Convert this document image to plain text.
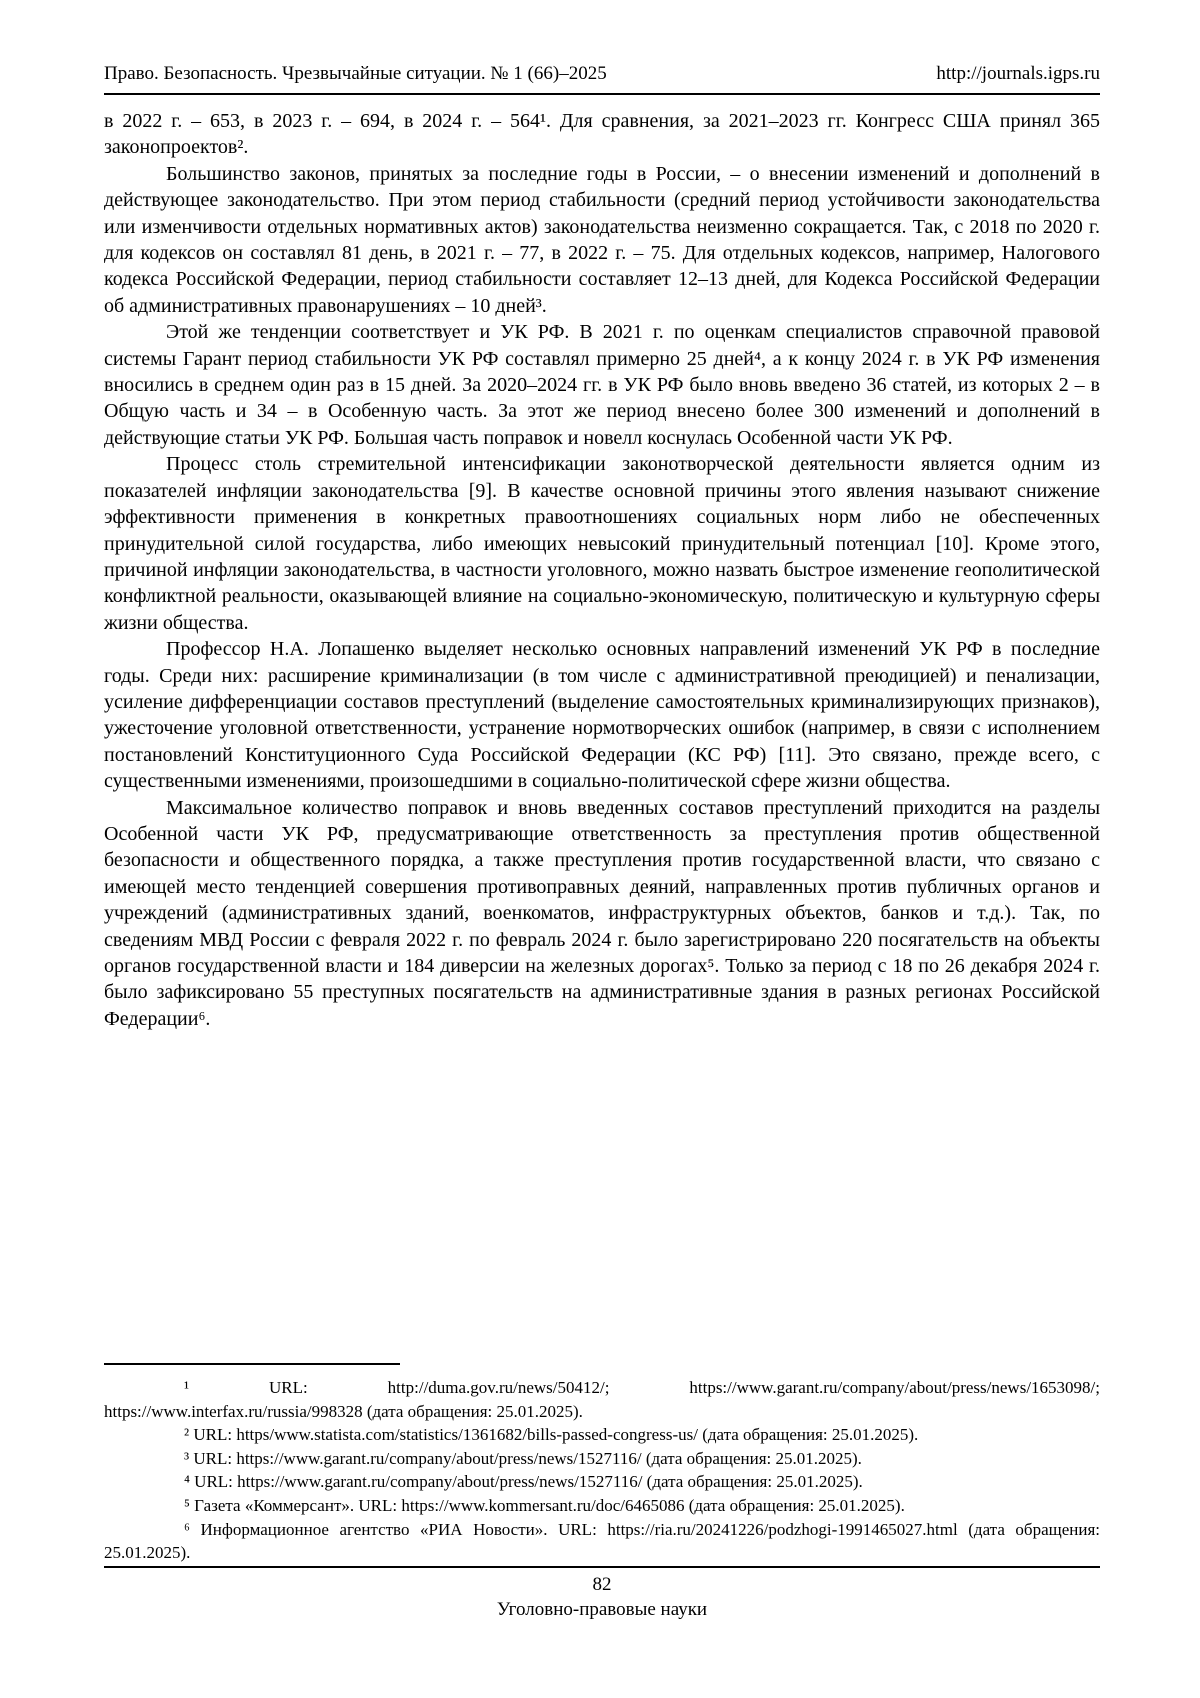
Право. Безопасность. Чрезвычайные ситуации. № 1 (66)–2025	http://journals.igps.ru

в 2022 г. – 653, в 2023 г. – 694, в 2024 г. – 564¹. Для сравнения, за 2021–2023 гг. Конгресс США принял 365 законопроектов².

Большинство законов, принятых за последние годы в России, – о внесении изменений и дополнений в действующее законодательство. При этом период стабильности (средний период устойчивости законодательства или изменчивости отдельных нормативных актов) законодательства неизменно сокращается. Так, с 2018 по 2020 г. для кодексов он составлял 81 день, в 2021 г. – 77, в 2022 г. – 75. Для отдельных кодексов, например, Налогового кодекса Российской Федерации, период стабильности составляет 12–13 дней, для Кодекса Российской Федерации об административных правонарушениях – 10 дней³.

Этой же тенденции соответствует и УК РФ. В 2021 г. по оценкам специалистов справочной правовой системы Гарант период стабильности УК РФ составлял примерно 25 дней⁴, а к концу 2024 г. в УК РФ изменения вносились в среднем один раз в 15 дней. За 2020–2024 гг. в УК РФ было вновь введено 36 статей, из которых 2 – в Общую часть и 34 – в Особенную часть. За этот же период внесено более 300 изменений и дополнений в действующие статьи УК РФ. Большая часть поправок и новелл коснулась Особенной части УК РФ.

Процесс столь стремительной интенсификации законотворческой деятельности является одним из показателей инфляции законодательства [9]. В качестве основной причины этого явления называют снижение эффективности применения в конкретных правоотношениях социальных норм либо не обеспеченных принудительной силой государства, либо имеющих невысокий принудительный потенциал [10]. Кроме этого, причиной инфляции законодательства, в частности уголовного, можно назвать быстрое изменение геополитической конфликтной реальности, оказывающей влияние на социально-экономическую, политическую и культурную сферы жизни общества.

Профессор Н.А. Лопашенко выделяет несколько основных направлений изменений УК РФ в последние годы. Среди них: расширение криминализации (в том числе с административной преюдицией) и пенализации, усиление дифференциации составов преступлений (выделение самостоятельных криминализирующих признаков), ужесточение уголовной ответственности, устранение нормотворческих ошибок (например, в связи с исполнением постановлений Конституционного Суда Российской Федерации (КС РФ) [11]. Это связано, прежде всего, с существенными изменениями, произошедшими в социально-политической сфере жизни общества.

Максимальное количество поправок и вновь введенных составов преступлений приходится на разделы Особенной части УК РФ, предусматривающие ответственность за преступления против общественной безопасности и общественного порядка, а также преступления против государственной власти, что связано с имеющей место тенденцией совершения противоправных деяний, направленных против публичных органов и учреждений (административных зданий, военкоматов, инфраструктурных объектов, банков и т.д.). Так, по сведениям МВД России с февраля 2022 г. по февраль 2024 г. было зарегистрировано 220 посягательств на объекты органов государственной власти и 184 диверсии на железных дорогах⁵. Только за период с 18 по 26 декабря 2024 г. было зафиксировано 55 преступных посягательств на административные здания в разных регионах Российской Федерации⁶.

¹ URL: http://duma.gov.ru/news/50412/; https://www.garant.ru/company/about/press/news/1653098/; https://www.interfax.ru/russia/998328 (дата обращения: 25.01.2025).

² URL: https/www.statista.com/statistics/1361682/bills-passed-congress-us/ (дата обращения: 25.01.2025).

³ URL: https://www.garant.ru/company/about/press/news/1527116/ (дата обращения: 25.01.2025).

⁴ URL: https://www.garant.ru/company/about/press/news/1527116/ (дата обращения: 25.01.2025).

⁵ Газета «Коммерсант». URL: https://www.kommersant.ru/doc/6465086 (дата обращения: 25.01.2025).

⁶ Информационное агентство «РИА Новости». URL: https://ria.ru/20241226/podzhogi-1991465027.html (дата обращения: 25.01.2025).

82

Уголовно-правовые науки
